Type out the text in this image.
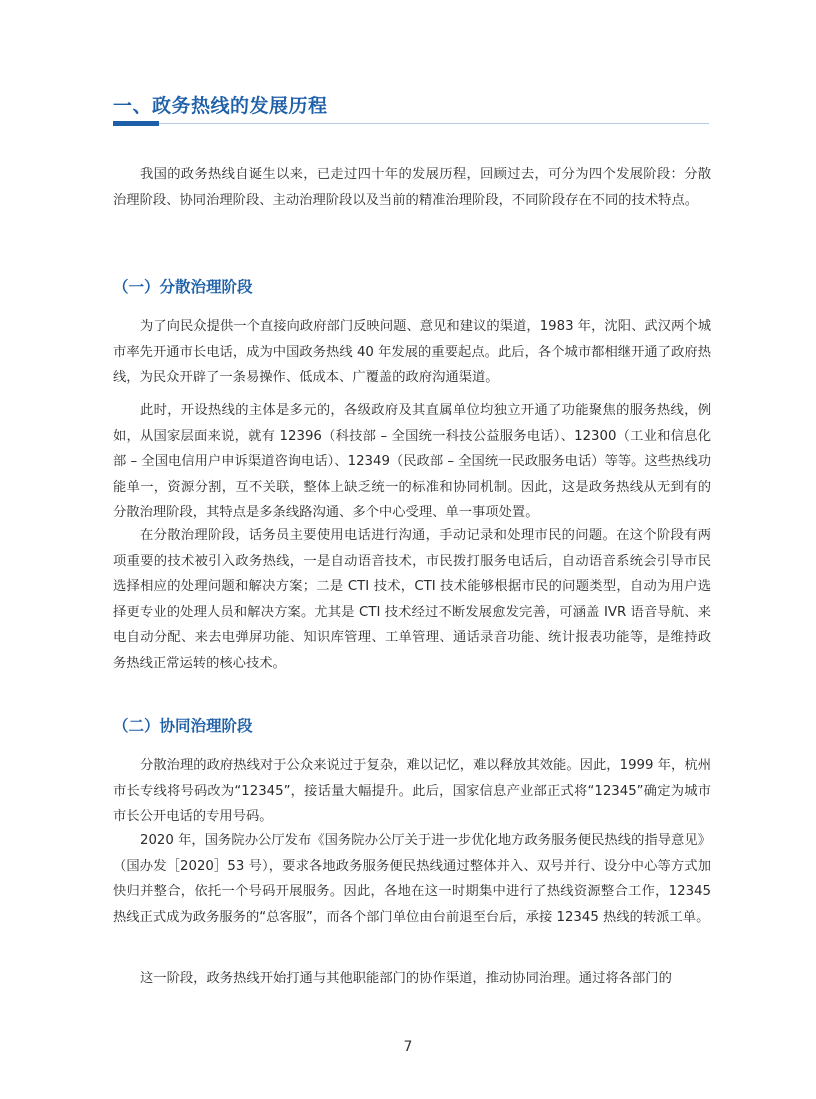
一、政务热线的发展历程

我国的政务热线自诞生以来，已走过四十年的发展历程，回顾过去，可分为四个发展阶段：分散治理阶段、协同治理阶段、主动治理阶段以及当前的精准治理阶段，不同阶段存在不同的技术特点。

（一）分散治理阶段

为了向民众提供一个直接向政府部门反映问题、意见和建议的渠道，1983 年，沈阳、武汉两个城市率先开通市长电话，成为中国政务热线 40 年发展的重要起点。此后，各个城市都相继开通了政府热线，为民众开辟了一条易操作、低成本、广覆盖的政府沟通渠道。

此时，开设热线的主体是多元的，各级政府及其直属单位均独立开通了功能聚焦的服务热线，例如，从国家层面来说，就有 12396（科技部 – 全国统一科技公益服务电话）、12300（工业和信息化部 – 全国电信用户申诉渠道咨询电话）、12349（民政部 – 全国统一民政服务电话）等等。这些热线功能单一，资源分割，互不关联，整体上缺乏统一的标准和协同机制。因此，这是政务热线从无到有的分散治理阶段，其特点是多条线路沟通、多个中心受理、单一事项处置。

在分散治理阶段，话务员主要使用电话进行沟通，手动记录和处理市民的问题。在这个阶段有两项重要的技术被引入政务热线，一是自动语音技术，市民拨打服务电话后，自动语音系统会引导市民选择相应的处理问题和解决方案；二是 CTI 技术，CTI 技术能够根据市民的问题类型，自动为用户选择更专业的处理人员和解决方案。尤其是 CTI 技术经过不断发展愈发完善，可涵盖 IVR 语音导航、来电自动分配、来去电弹屏功能、知识库管理、工单管理、通话录音功能、统计报表功能等，是维持政务热线正常运转的核心技术。

（二）协同治理阶段

分散治理的政府热线对于公众来说过于复杂，难以记忆，难以释放其效能。因此，1999 年，杭州市长专线将号码改为“12345”，接话量大幅提升。此后，国家信息产业部正式将“12345”确定为城市市长公开电话的专用号码。

2020 年，国务院办公厅发布《国务院办公厅关于进一步优化地方政务服务便民热线的指导意见》（国办发［2020］53 号），要求各地政务服务便民热线通过整体并入、双号并行、设分中心等方式加快归并整合，依托一个号码开展服务。因此，各地在这一时期集中进行了热线资源整合工作，12345 热线正式成为政务服务的“总客服”，而各个部门单位由台前退至台后，承接 12345 热线的转派工单。

这一阶段，政务热线开始打通与其他职能部门的协作渠道，推动协同治理。通过将各部门的

7
